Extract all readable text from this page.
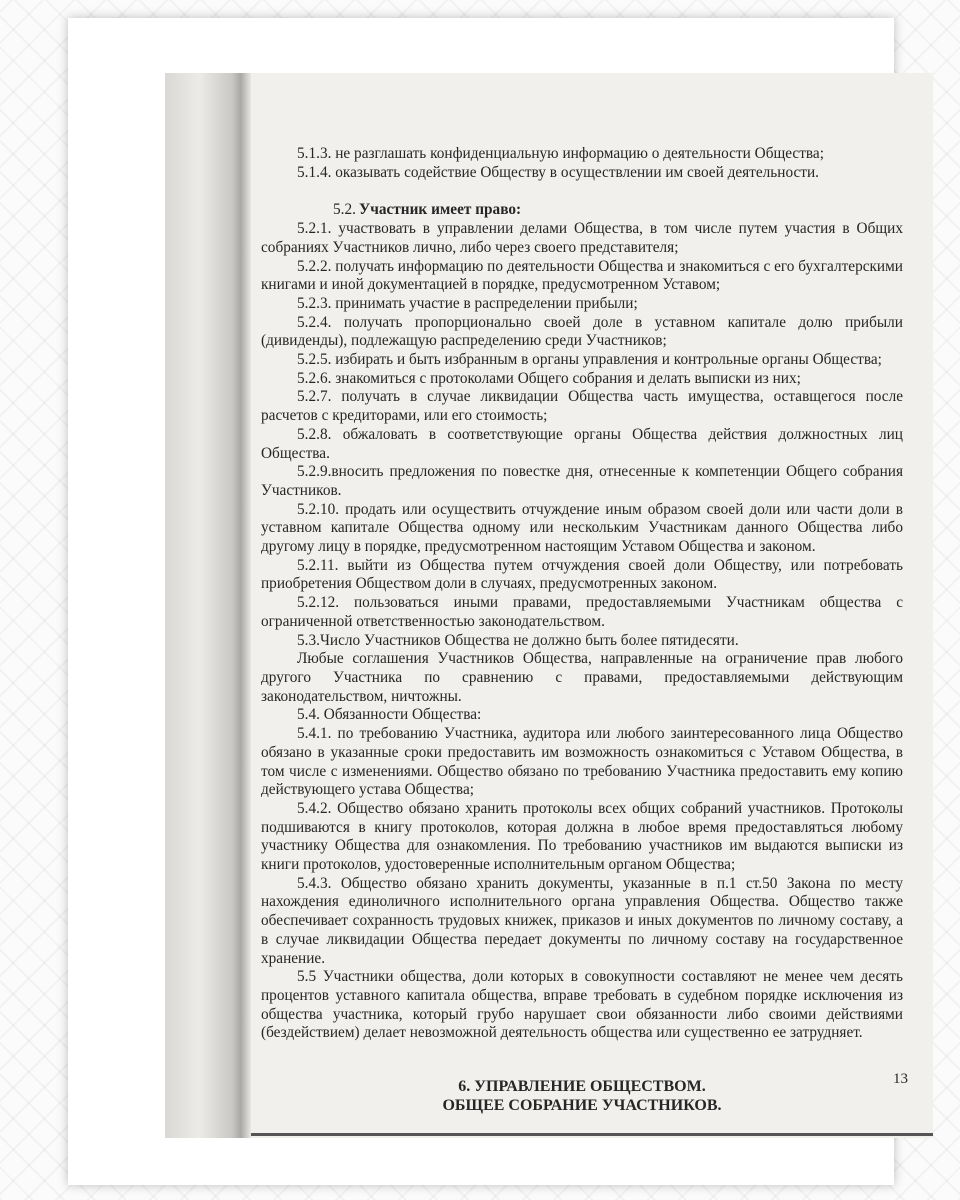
5.1.3. не разглашать конфиденциальную информацию о деятельности Общества;

5.1.4. оказывать содействие Обществу в осуществлении им своей деятельности.

5.2. Участник имеет право:

5.2.1. участвовать в управлении делами Общества, в том числе путем участия в Общих собраниях Участников лично, либо через своего представителя;

5.2.2. получать информацию по деятельности Общества и знакомиться с его бухгалтерскими книгами и иной документацией в порядке, предусмотренном Уставом;

5.2.3. принимать участие в распределении прибыли;

5.2.4. получать пропорционально своей доле в уставном капитале долю прибыли (дивиденды), подлежащую распределению среди Участников;

5.2.5. избирать и быть избранным в органы управления и контрольные органы Общества;

5.2.6. знакомиться с протоколами Общего собрания и делать выписки из них;

5.2.7. получать в случае ликвидации Общества часть имущества, оставщегося после расчетов с кредиторами, или его стоимость;

5.2.8. обжаловать в соответствующие органы Общества действия должностных лиц Общества.

5.2.9.вносить предложения по повестке дня, отнесенные к компетенции Общего собрания Участников.

5.2.10. продать или осуществить отчуждение иным образом своей доли или части доли в уставном капитале Общества одному или нескольким Участникам данного Общества либо другому лицу в порядке, предусмотренном настоящим Уставом Общества и законом.

5.2.11. выйти из Общества путем отчуждения своей доли Обществу, или потребовать приобретения Обществом доли в случаях, предусмотренных законом.

5.2.12. пользоваться иными правами, предоставляемыми Участникам общества с ограниченной ответственностью законодательством.

5.3.Число Участников Общества не должно быть более пятидесяти.

Любые соглашения Участников Общества, направленные на ограничение прав любого другого Участника по сравнению с правами, предоставляемыми действующим законодательством, ничтожны.

5.4. Обязанности Общества:

5.4.1. по требованию Участника, аудитора или любого заинтересованного лица Общество обязано в указанные сроки предоставить им возможность ознакомиться с Уставом Общества, в том числе с изменениями. Общество обязано по требованию Участника предоставить ему копию действующего устава Общества;

5.4.2. Общество обязано хранить протоколы всех общих собраний участников. Протоколы подшиваются в книгу протоколов, которая должна в любое время предоставляться любому участнику Общества для ознакомления. По требованию участников им выдаются выписки из книги протоколов, удостоверенные исполнительным органом Общества;

5.4.3. Общество обязано хранить документы, указанные в п.1 ст.50 Закона по месту нахождения единоличного исполнительного органа управления Общества. Общество также обеспечивает сохранность трудовых книжек, приказов и иных документов по личному составу, а в случае ликвидации Общества передает документы по личному составу на государственное хранение.

5.5 Участники общества, доли которых в совокупности составляют не менее чем десять процентов уставного капитала общества, вправе требовать в судебном порядке исключения из общества участника, который грубо нарушает свои обязанности либо своими действиями (бездействием) делает невозможной деятельность общества или существенно ее затрудняет.

6. УПРАВЛЕНИЕ ОБЩЕСТВОМ.
ОБЩЕЕ СОБРАНИЕ УЧАСТНИКОВ.

13
